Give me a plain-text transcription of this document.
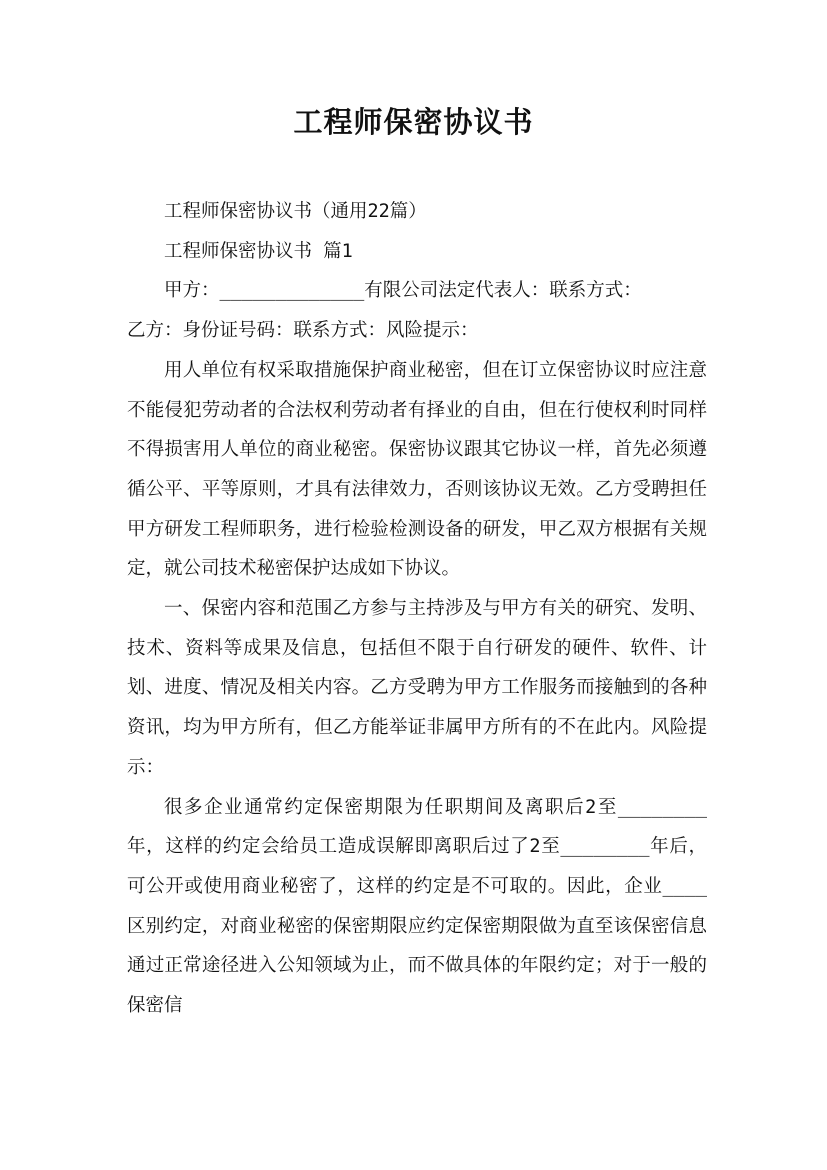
工程师保密协议书

工程师保密协议书（通用22篇）

工程师保密协议书 篇1

甲方：_____________有限公司法定代表人：联系方式：

乙方：身份证号码：联系方式：风险提示：

用人单位有权采取措施保护商业秘密，但在订立保密协议时应注意不能侵犯劳动者的合法权利劳动者有择业的自由，但在行使权利时同样不得损害用人单位的商业秘密。保密协议跟其它协议一样，首先必须遵循公平、平等原则，才具有法律效力，否则该协议无效。乙方受聘担任甲方研发工程师职务，进行检验检测设备的研发，甲乙双方根据有关规定，就公司技术秘密保护达成如下协议。

一、保密内容和范围乙方参与主持涉及与甲方有关的研究、发明、技术、资料等成果及信息，包括但不限于自行研发的硬件、软件、计划、进度、情况及相关内容。乙方受聘为甲方工作服务而接触到的各种资讯，均为甲方所有，但乙方能举证非属甲方所有的不在此内。风险提示：

很多企业通常约定保密期限为任职期间及离职后2至________年，这样的约定会给员工造成误解即离职后过了2至________年后，可公开或使用商业秘密了，这样的约定是不可取的。因此，企业____区别约定，对商业秘密的保密期限应约定保密期限做为直至该保密信息通过正常途径进入公知领域为止，而不做具体的年限约定；对于一般的保密信
